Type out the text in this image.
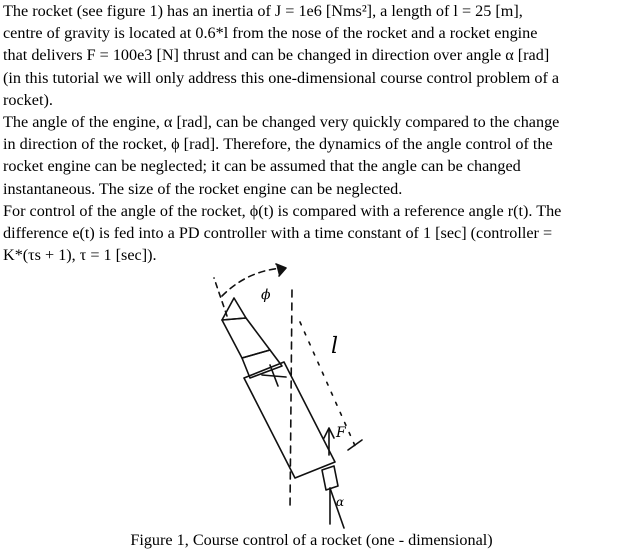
The rocket (see figure 1) has an inertia of J = 1e6 [Nms²], a length of l = 25 [m],
centre of gravity is located at 0.6*l from the nose of the rocket and a rocket engine
that delivers F = 100e3 [N] thrust and can be changed in direction over angle α [rad]
(in this tutorial we will only address this one-dimensional course control problem of a
rocket).

The angle of the engine, α [rad], can be changed very quickly compared to the change
in direction of the rocket, ϕ [rad]. Therefore, the dynamics of the angle control of the
rocket engine can be neglected; it can be assumed that the angle can be changed
instantaneous. The size of the rocket engine can be neglected.

For control of the angle of the rocket, ϕ(t) is compared with a reference angle r(t). The
difference e(t) is fed into a PD controller with a time constant of 1 [sec] (controller =
K*(τs + 1), τ = 1 [sec]).

ϕ
l
F
α
Figure 1, Course control of a rocket (one - dimensional)
